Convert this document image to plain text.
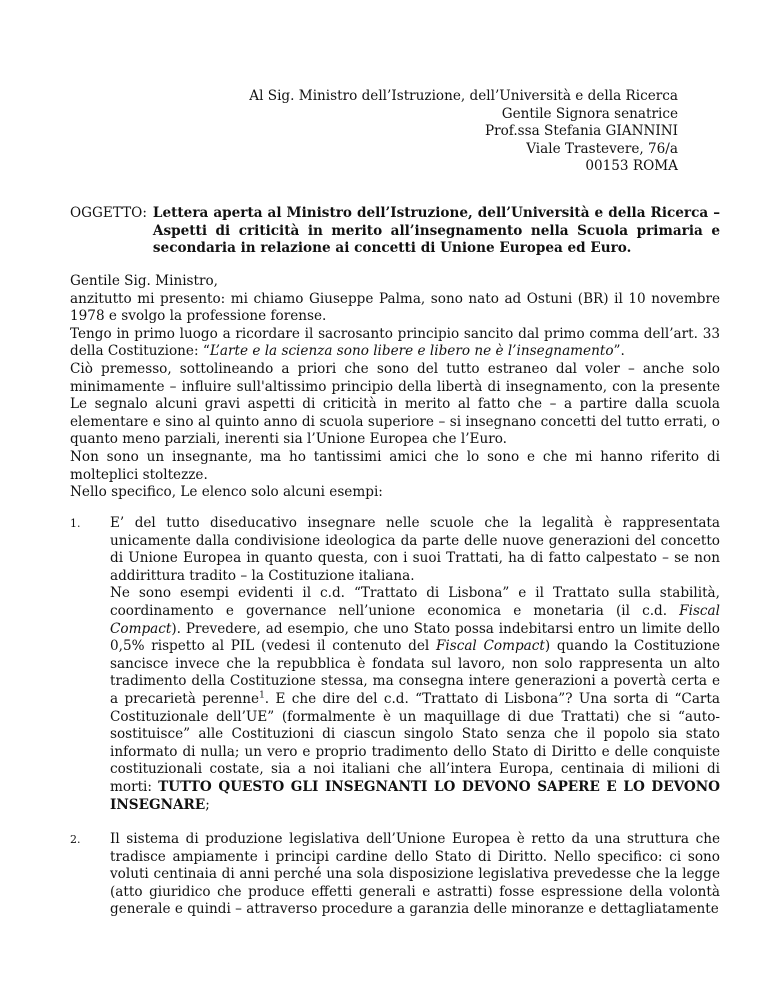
Al Sig. Ministro dell’Istruzione, dell’Università e della Ricerca
Gentile Signora senatrice
Prof.ssa Stefania GIANNINI
Viale Trastevere, 76/a
00153 ROMA
OGGETTO: Lettera aperta al Ministro dell’Istruzione, dell’Università e della Ricerca – Aspetti di criticità in merito all’insegnamento nella Scuola primaria e secondaria in relazione ai concetti di Unione Europea ed Euro.

Gentile Sig. Ministro,

anzitutto mi presento: mi chiamo Giuseppe Palma, sono nato ad Ostuni (BR) il 10 novembre 1978 e svolgo la professione forense.

Tengo in primo luogo a ricordare il sacrosanto principio sancito dal primo comma dell’art. 33 della Costituzione: “L’arte e la scienza sono libere e libero ne è l’insegnamento”.

Ciò premesso, sottolineando a priori che sono del tutto estraneo dal voler – anche solo minimamente – influire sull'altissimo principio della libertà di insegnamento, con la presente Le segnalo alcuni gravi aspetti di criticità in merito al fatto che – a partire dalla scuola elementare e sino al quinto anno di scuola superiore – si insegnano concetti del tutto errati, o quanto meno parziali, inerenti sia l’Unione Europea che l’Euro.

Non sono un insegnante, ma ho tantissimi amici che lo sono e che mi hanno riferito di molteplici stoltezze.

Nello specifico, Le elenco solo alcuni esempi:

1.	E’ del tutto diseducativo insegnare nelle scuole che la legalità è rappresentata unicamente dalla condivisione ideologica da parte delle nuove generazioni del concetto di Unione Europea in quanto questa, con i suoi Trattati, ha di fatto calpestato – se non addirittura tradito – la Costituzione italiana.

Ne sono esempi evidenti il c.d. “Trattato di Lisbona” e il Trattato sulla stabilità, coordinamento e governance nell’unione economica e monetaria (il c.d. Fiscal Compact). Prevedere, ad esempio, che uno Stato possa indebitarsi entro un limite dello 0,5% rispetto al PIL (vedesi il contenuto del Fiscal Compact) quando la Costituzione sancisce invece che la repubblica è fondata sul lavoro, non solo rappresenta un alto tradimento della Costituzione stessa, ma consegna intere generazioni a povertà certa e a precarietà perenne$^1$. E che dire del c.d. “Trattato di Lisbona”? Una sorta di “Carta Costituzionale dell’UE” (formalmente è un maquillage di due Trattati) che si “auto-sostituisce” alle Costituzioni di ciascun singolo Stato senza che il popolo sia stato informato di nulla; un vero e proprio tradimento dello Stato di Diritto e delle conquiste costituzionali costate, sia a noi italiani che all’intera Europa, centinaia di milioni di morti: TUTTO QUESTO GLI INSEGNANTI LO DEVONO SAPERE E LO DEVONO INSEGNARE;

2.	Il sistema di produzione legislativa dell’Unione Europea è retto da una struttura che tradisce ampiamente i principi cardine dello Stato di Diritto. Nello specifico: ci sono voluti centinaia di anni perché una sola disposizione legislativa prevedesse che la legge (atto giuridico che produce effetti generali e astratti) fosse espressione della volontà generale e quindi – attraverso procedure a garanzia delle minoranze e dettagliatamente
